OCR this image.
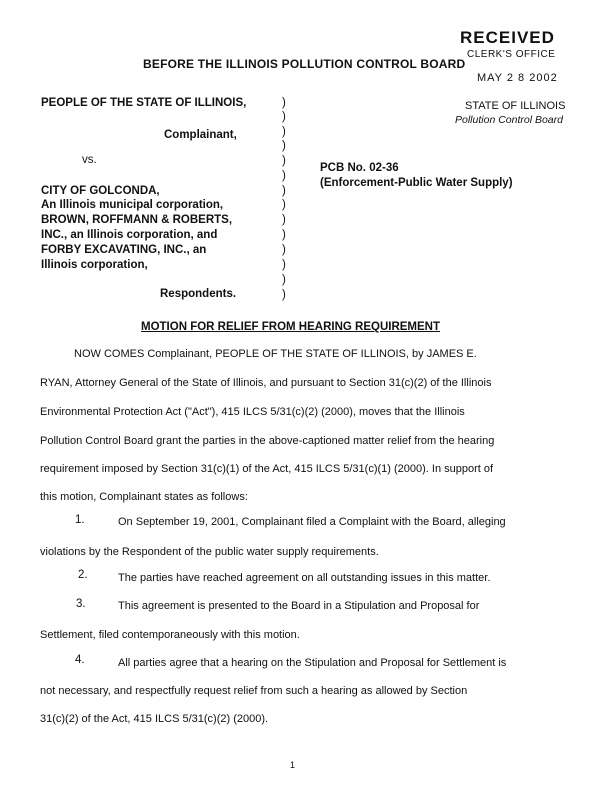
RECEIVED
CLERK'S OFFICE
MAY 2 8 2002
BEFORE THE ILLINOIS POLLUTION CONTROL BOARD
STATE OF ILLINOIS
Pollution Control Board
PEOPLE OF THE STATE OF ILLINOIS,
Complainant,
vs.
CITY OF GOLCONDA,
An Illinois municipal corporation,
BROWN, ROFFMANN & ROBERTS,
INC., an Illinois corporation, and
FORBY EXCAVATING, INC., an
Illinois corporation,
Respondents.
PCB No. 02-36
(Enforcement-Public Water Supply)
)
)
)
)
)
)
)
)
)
)
)
)
)
)
MOTION FOR RELIEF FROM HEARING REQUIREMENT
NOW COMES Complainant, PEOPLE OF THE STATE OF ILLINOIS, by JAMES E.
RYAN, Attorney General of the State of Illinois, and pursuant to Section 31(c)(2) of the Illinois
Environmental Protection Act ("Act"), 415 ILCS 5/31(c)(2) (2000), moves that the Illinois
Pollution Control Board grant the parties in the above-captioned matter relief from the hearing
requirement imposed by Section 31(c)(1) of the Act, 415 ILCS 5/31(c)(1) (2000). In support of
this motion, Complainant states as follows:
1.	On September 19, 2001, Complainant filed a Complaint with the Board, alleging
violations by the Respondent of the public water supply requirements.
2.	The parties have reached agreement on all outstanding issues in this matter.
3.	This agreement is presented to the Board in a Stipulation and Proposal for
Settlement, filed contemporaneously with this motion.
4.	All parties agree that a hearing on the Stipulation and Proposal for Settlement is
not necessary, and respectfully request relief from such a hearing as allowed by Section
31(c)(2) of the Act, 415 ILCS 5/31(c)(2) (2000).
1
